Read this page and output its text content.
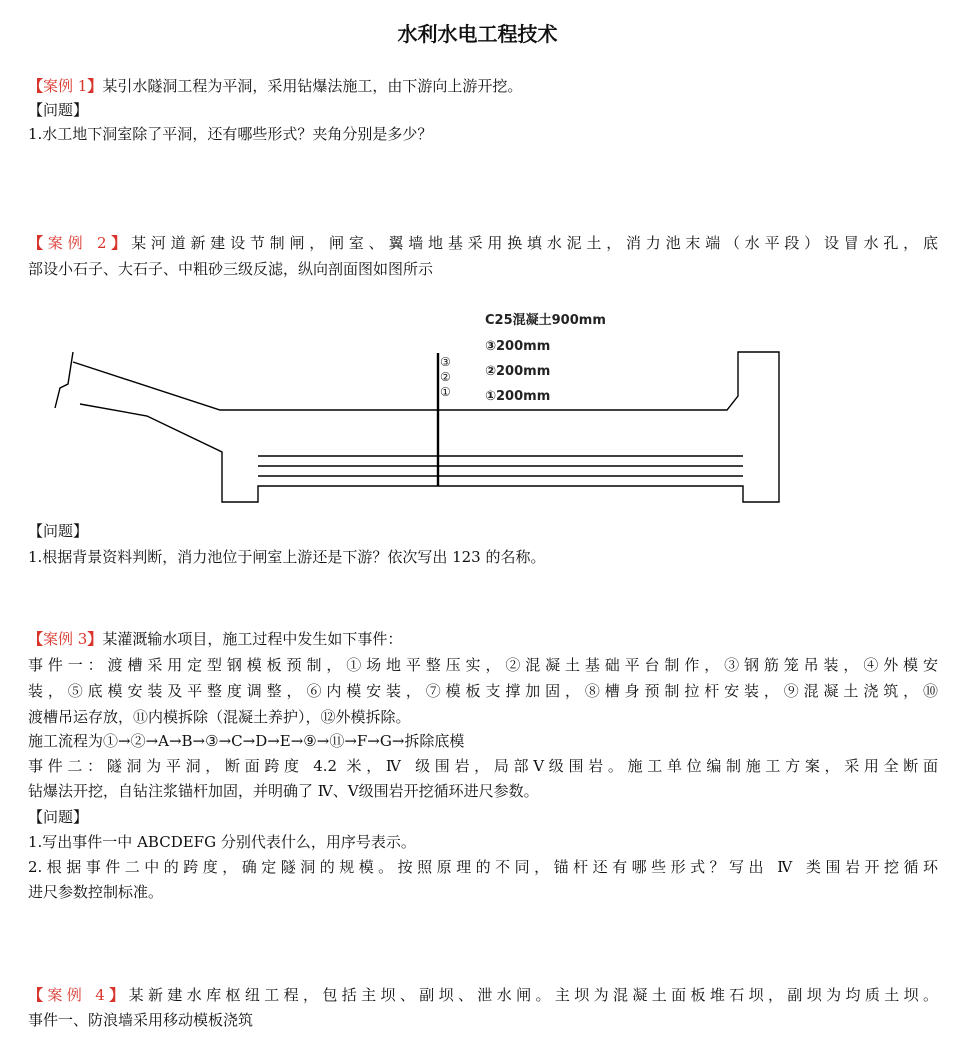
水利水电工程技术
【案例 1】某引水隧洞工程为平洞，采用钻爆法施工，由下游向上游开挖。
【问题】
1.水工地下洞室除了平洞，还有哪些形式？夹角分别是多少？
【案例 2】某河道新建设节制闸，闸室、翼墙地基采用换填水泥土，消力池末端（水平段）设冒水孔，底
部设小石子、大石子、中粗砂三级反滤，纵向剖面图如图所示
③
②
①
C25混凝土900mm
③200mm
②200mm
①200mm
【问题】
1.根据背景资料判断，消力池位于闸室上游还是下游？依次写出 123 的名称。
【案例 3】某灌溉输水项目，施工过程中发生如下事件：
事件一：渡槽采用定型钢模板预制，①场地平整压实，②混凝土基础平台制作，③钢筋笼吊装，④外模安
装，⑤底模安装及平整度调整，⑥内模安装，⑦模板支撑加固，⑧槽身预制拉杆安装，⑨混凝土浇筑，⑩
渡槽吊运存放，⑪内模拆除（混凝土养护），⑫外模拆除。
施工流程为①→②→A→B→③→C→D→E→⑨→⑪→F→G→拆除底模
事件二：隧洞为平洞，断面跨度 4.2 米，Ⅳ 级围岩，局部Ⅴ级围岩。施工单位编制施工方案，采用全断面
钻爆法开挖，自钻注浆锚杆加固，并明确了 Ⅳ、Ⅴ级围岩开挖循环进尺参数。
【问题】
1.写出事件一中 ABCDEFG 分别代表什么，用序号表示。
2.根据事件二中的跨度，确定隧洞的规模。按照原理的不同，锚杆还有哪些形式？写出 Ⅳ 类围岩开挖循环
进尺参数控制标准。
【案例 4】某新建水库枢纽工程，包括主坝、副坝、泄水闸。主坝为混凝土面板堆石坝，副坝为均质土坝。
事件一、防浪墙采用移动模板浇筑
